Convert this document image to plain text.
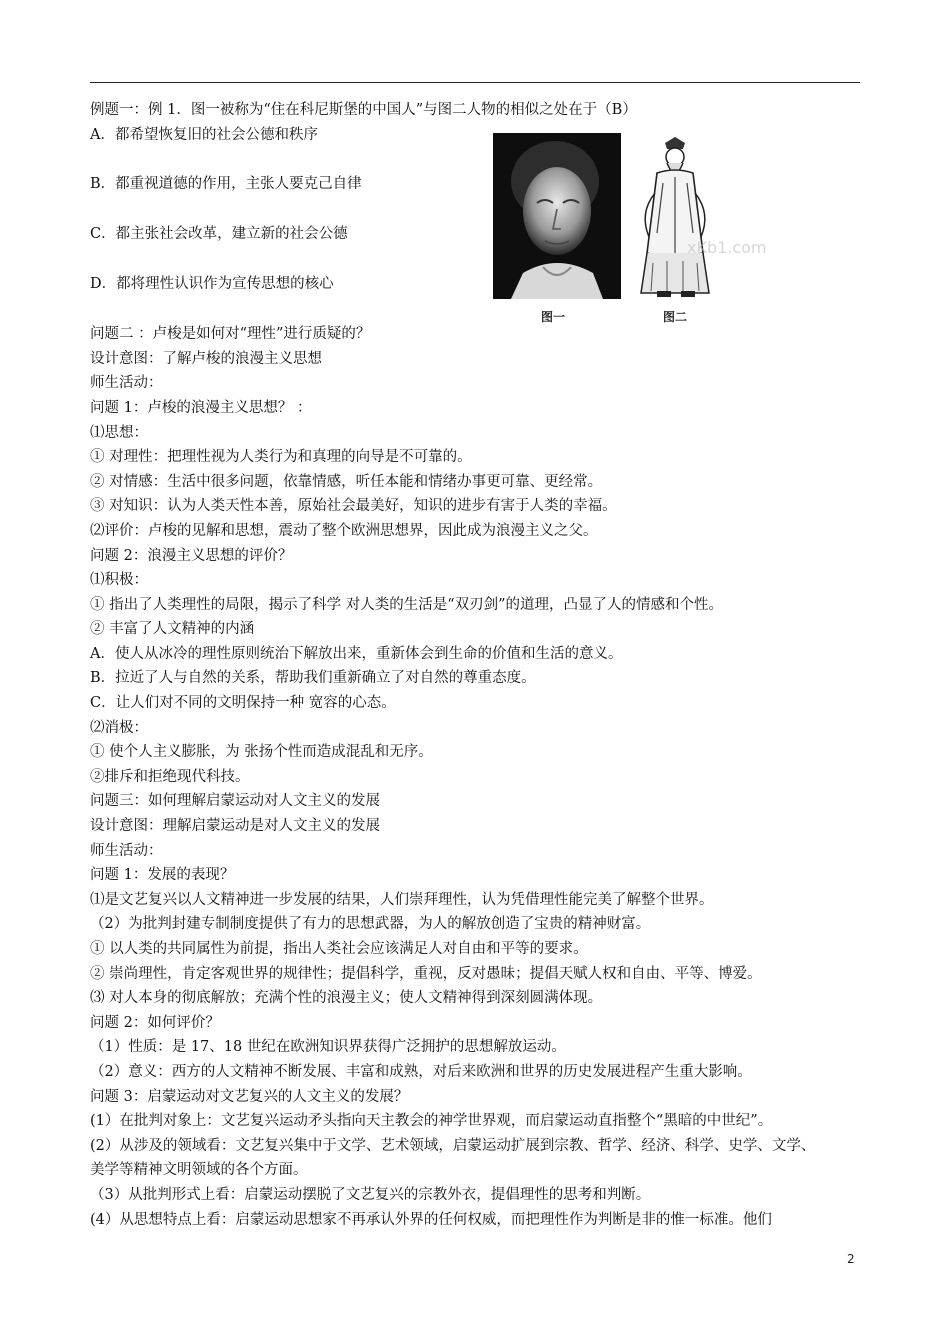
例题一：例 1．图一被称为“住在科尼斯堡的中国人”与图二人物的相似之处在于（B）
A．都希望恢复旧的社会公德和秩序
B．都重视道德的作用，主张人要克己自律
C．都主张社会改革，建立新的社会公德
D．都将理性认识作为宣传思想的核心
问题二 ：卢梭是如何对“理性”进行质疑的？
设计意图：了解卢梭的浪漫主义思想
师生活动：
问题 1：卢梭的浪漫主义思想？ ：
⑴思想：
① 对理性：把理性视为人类行为和真理的向导是不可靠的。
② 对情感：生活中很多问题，依靠情感，听任本能和情绪办事更可靠、更经常。
③ 对知识：认为人类天性本善，原始社会最美好，知识的进步有害于人类的幸福。
⑵评价：卢梭的见解和思想，震动了整个欧洲思想界，因此成为浪漫主义之父。
问题 2：浪漫主义思想的评价？
⑴积极：
① 指出了人类理性的局限，揭示了科学 对人类的生活是“双刃剑”的道理，凸显了人的情感和个性。
② 丰富了人文精神的内涵
A．使人从冰冷的理性原则统治下解放出来，重新体会到生命的价值和生活的意义。
B．拉近了人与自然的关系，帮助我们重新确立了对自然的尊重态度。
C．让人们对不同的文明保持一种 宽容的心态。
⑵消极：
① 使个人主义膨胀，为 张扬个性而造成混乱和无序。
②排斥和拒绝现代科技。
问题三：如何理解启蒙运动对人文主义的发展
设计意图：理解启蒙运动是对人文主义的发展
师生活动：
问题 1：发展的表现？
⑴是文艺复兴以人文精神进一步发展的结果，人们崇拜理性，认为凭借理性能完美了解整个世界。
（2）为批判封建专制制度提供了有力的思想武器，为人的解放创造了宝贵的精神财富。
① 以人类的共同属性为前提，指出人类社会应该满足人对自由和平等的要求。
② 崇尚理性，肯定客观世界的规律性；提倡科学，重视，反对愚昧；提倡天赋人权和自由、平等、博爱。
⑶ 对人本身的彻底解放；充满个性的浪漫主义；使人文精神得到深刻圆满体现。
问题 2：如何评价？
（1）性质：是 17、18 世纪在欧洲知识界获得广泛拥护的思想解放运动。
（2）意义：西方的人文精神不断发展、丰富和成熟，对后来欧洲和世界的历史发展进程产生重大影响。
问题 3：启蒙运动对文艺复兴的人文主义的发展？
(1）在批判对象上：文艺复兴运动矛头指向天主教会的神学世界观，而启蒙运动直指整个“黑暗的中世纪”。
(2）从涉及的领域看：文艺复兴集中于文学、艺术领域，启蒙运动扩展到宗教、哲学、经济、科学、史学、文学、
美学等精神文明领域的各个方面。
（3）从批判形式上看：启蒙运动摆脱了文艺复兴的宗教外衣，提倡理性的思考和判断。
(4）从思想特点上看：启蒙运动思想家不再承认外界的任何权威，而把理性作为判断是非的惟一标准。他们
xKb1.com
图一	图二
2
